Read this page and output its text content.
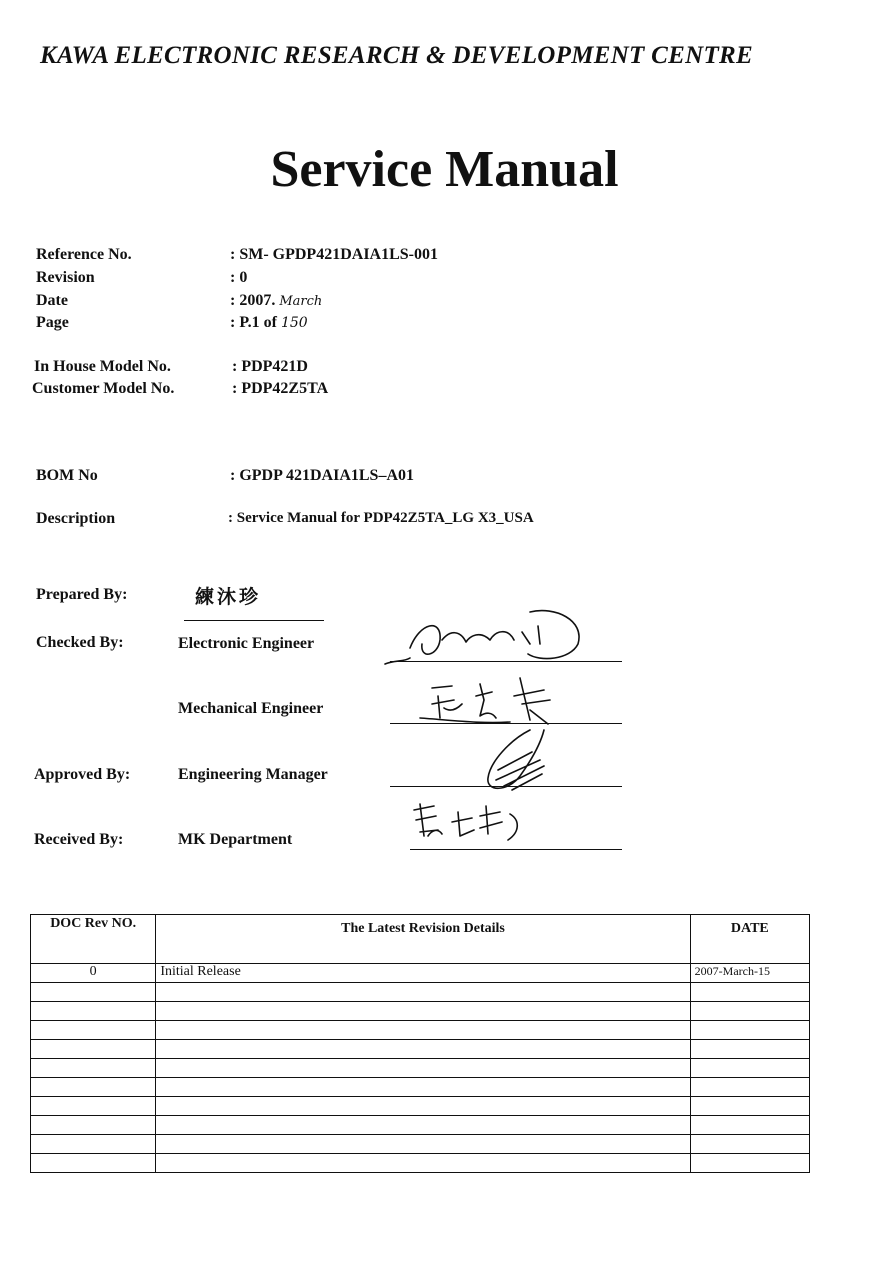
KAWA ELECTRONIC RESEARCH & DEVELOPMENT CENTRE
Service Manual
Reference No.	: SM- GPDP421DAIA1LS-001
Revision	: 0
Date	: 2007. March
Page	: P.1 of 150
In House Model No.	: PDP421D
Customer Model No.	: PDP42Z5TA
BOM No	: GPDP 421DAIA1LS–A01
Description	: Service Manual for PDP42Z5TA_LG X3_USA
Prepared By:	練沐珍
Checked By:	Electronic Engineer
Mechanical Engineer
Approved By:	Engineering Manager
Received By:	MK Department
DOC Rev NO.	The Latest Revision Details	DATE
0	Initial Release	2007-March-15
